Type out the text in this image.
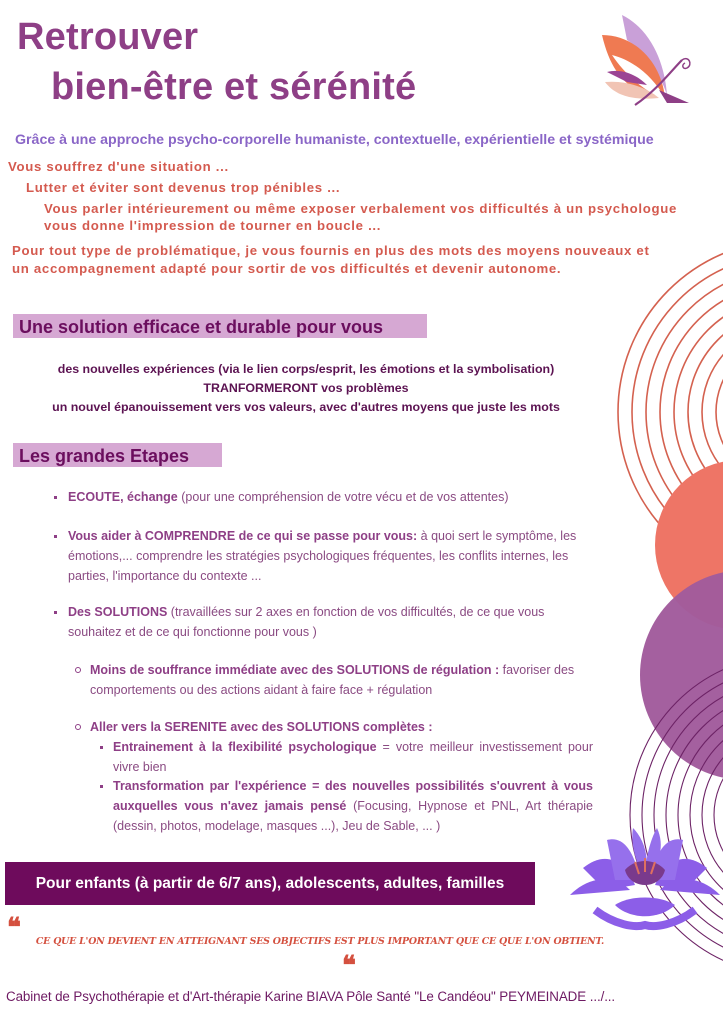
Retrouver
bien-être et sérénité
Grâce à une approche psycho-corporelle humaniste, contextuelle, expérientielle et systémique
Vous souffrez d'une situation ...
Lutter et éviter sont devenus trop pénibles ...
Vous parler intérieurement ou même exposer verbalement vos difficultés à un psychologue
vous donne l'impression de tourner en boucle ...
Pour tout type de problématique, je vous fournis en plus des mots des moyens nouveaux et
un accompagnement adapté pour sortir de vos difficultés et devenir autonome.
Une solution efficace et durable pour vous
des nouvelles expériences (via le lien corps/esprit, les émotions et la symbolisation)
TRANFORMERONT vos problèmes
un nouvel épanouissement vers vos valeurs, avec d'autres moyens que juste les mots
Les grandes Etapes
ECOUTE, échange (pour une compréhension de votre vécu et de vos attentes)
Vous aider à COMPRENDRE de ce qui se passe pour vous: à quoi sert le symptôme, les émotions,... comprendre les stratégies psychologiques fréquentes, les conflits internes, les parties, l'importance du contexte ...
Des SOLUTIONS (travaillées sur 2 axes en fonction de vos difficultés, de ce que vous souhaitez et de ce qui fonctionne pour vous )
Moins de souffrance immédiate avec des SOLUTIONS de régulation : favoriser des comportements ou des actions aidant à faire face + régulation
Aller vers la SERENITE avec des SOLUTIONS complètes :
Entrainement à la flexibilité psychologique = votre meilleur investissement pour vivre bien
Transformation par l'expérience = des nouvelles possibilités s'ouvrent à vous auxquelles vous n'avez jamais pensé (Focusing, Hypnose et PNL, Art thérapie (dessin, photos, modelage, masques ...), Jeu de Sable, ... )
Pour enfants (à partir de 6/7 ans), adolescents, adultes, familles
❝	CE QUE L'ON DEVIENT EN ATTEIGNANT SES OBJECTIFS EST PLUS IMPORTANT QUE CE QUE L'ON OBTIENT.
❝
Cabinet de Psychothérapie et d'Art-thérapie Karine BIAVA Pôle Santé "Le Candéou" PEYMEINADE .../...
